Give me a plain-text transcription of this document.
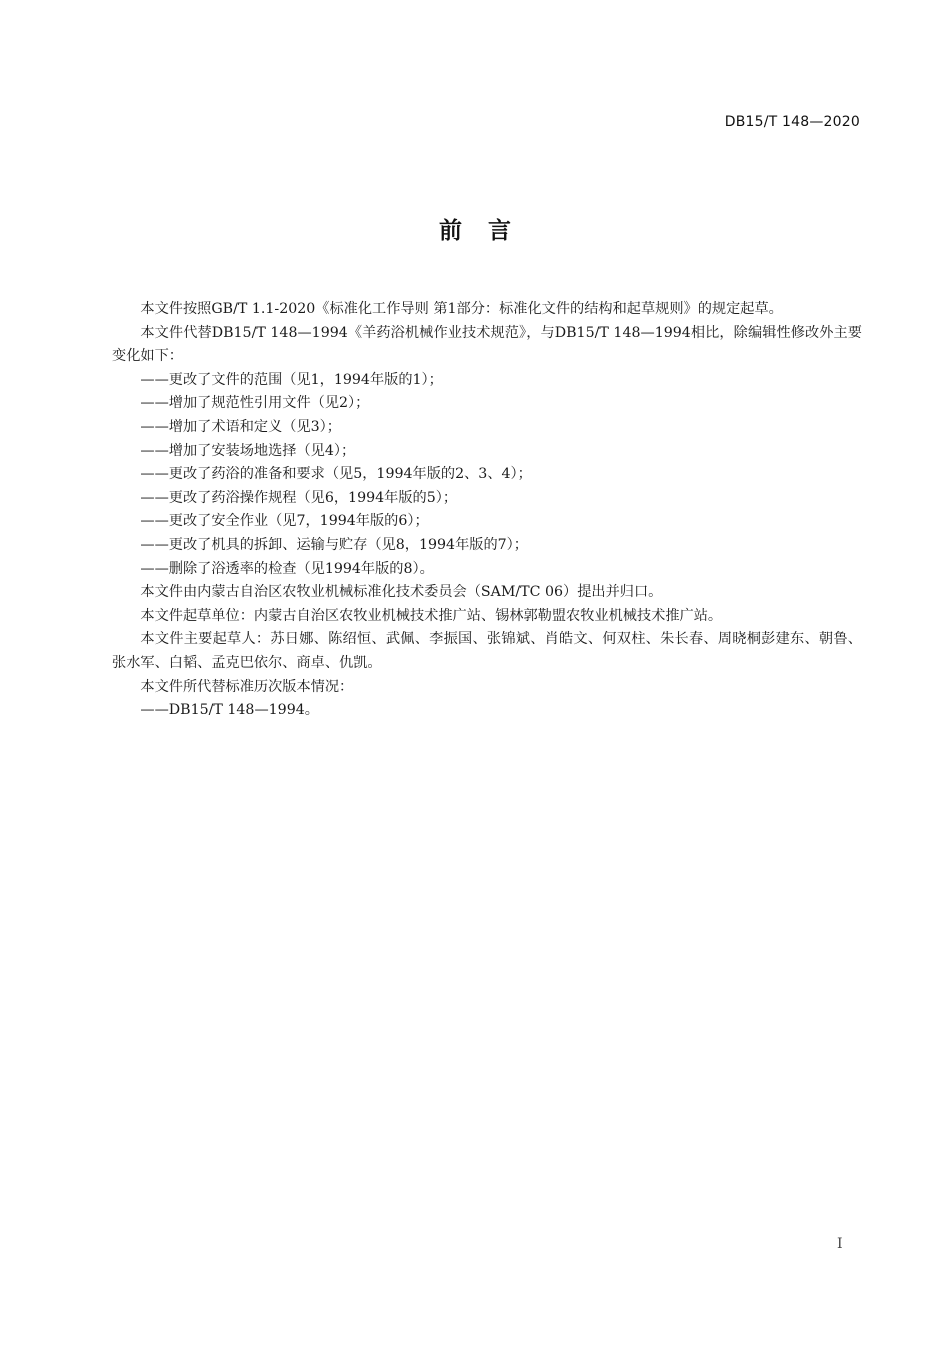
DB15/T 148—2020
前言

本文件按照GB/T 1.1-2020《标准化工作导则 第1部分：标准化文件的结构和起草规则》的规定起草。

本文件代替DB15/T 148—1994《羊药浴机械作业技术规范》，与DB15/T 148—1994相比，除编辑性修改外主要变化如下：

——更改了文件的范围（见1，1994年版的1）；

——增加了规范性引用文件（见2）；

——增加了术语和定义（见3）；

——增加了安装场地选择（见4）；

——更改了药浴的准备和要求（见5，1994年版的2、3、4）；

——更改了药浴操作规程（见6，1994年版的5）；

——更改了安全作业（见7，1994年版的6）；

——更改了机具的拆卸、运输与贮存（见8，1994年版的7）；

——删除了浴透率的检查（见1994年版的8）。

本文件由内蒙古自治区农牧业机械标准化技术委员会（SAM/TC 06）提出并归口。

本文件起草单位：内蒙古自治区农牧业机械技术推广站、锡林郭勒盟农牧业机械技术推广站。

本文件主要起草人：苏日娜、陈绍恒、武佩、李振国、张锦斌、肖皓文、何双柱、朱长春、周晓桐彭建东、朝鲁、张水军、白韬、孟克巴依尔、商卓、仇凯。

本文件所代替标准历次版本情况：

——DB15/T 148—1994。

I
